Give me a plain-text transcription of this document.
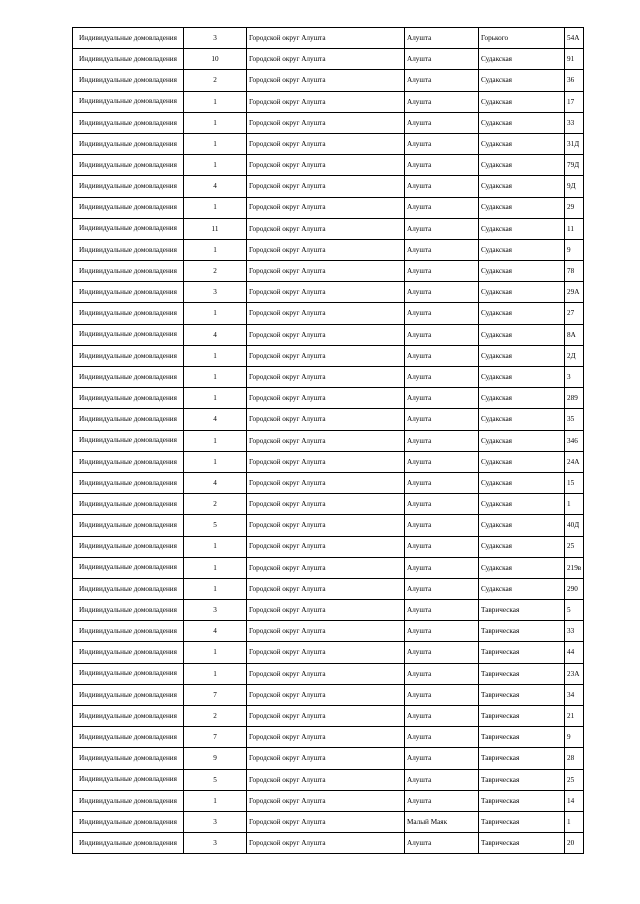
Индивидуальные домовладения	3	Городской округ Алушта	Алушта	Горького	54А
Индивидуальные домовладения	10	Городской округ Алушта	Алушта	Судакская	91
Индивидуальные домовладения	2	Городской округ Алушта	Алушта	Судакская	36
Индивидуальные домовладения	1	Городской округ Алушта	Алушта	Судакская	17
Индивидуальные домовладения	1	Городской округ Алушта	Алушта	Судакская	33
Индивидуальные домовладения	1	Городской округ Алушта	Алушта	Судакская	31Д
Индивидуальные домовладения	1	Городской округ Алушта	Алушта	Судакская	79Д
Индивидуальные домовладения	4	Городской округ Алушта	Алушта	Судакская	9Д
Индивидуальные домовладения	1	Городской округ Алушта	Алушта	Судакская	29
Индивидуальные домовладения	11	Городской округ Алушта	Алушта	Судакская	11
Индивидуальные домовладения	1	Городской округ Алушта	Алушта	Судакская	9
Индивидуальные домовладения	2	Городской округ Алушта	Алушта	Судакская	78
Индивидуальные домовладения	3	Городской округ Алушта	Алушта	Судакская	29А
Индивидуальные домовладения	1	Городской округ Алушта	Алушта	Судакская	27
Индивидуальные домовладения	4	Городской округ Алушта	Алушта	Судакская	8А
Индивидуальные домовладения	1	Городской округ Алушта	Алушта	Судакская	2Д
Индивидуальные домовладения	1	Городской округ Алушта	Алушта	Судакская	3
Индивидуальные домовладения	1	Городской округ Алушта	Алушта	Судакская	289
Индивидуальные домовладения	4	Городской округ Алушта	Алушта	Судакская	35
Индивидуальные домовладения	1	Городской округ Алушта	Алушта	Судакская	346
Индивидуальные домовладения	1	Городской округ Алушта	Алушта	Судакская	24А
Индивидуальные домовладения	4	Городской округ Алушта	Алушта	Судакская	15
Индивидуальные домовладения	2	Городской округ Алушта	Алушта	Судакская	1
Индивидуальные домовладения	5	Городской округ Алушта	Алушта	Судакская	40Д
Индивидуальные домовладения	1	Городской округ Алушта	Алушта	Судакская	25
Индивидуальные домовладения	1	Городской округ Алушта	Алушта	Судакская	219в
Индивидуальные домовладения	1	Городской округ Алушта	Алушта	Судакская	290
Индивидуальные домовладения	3	Городской округ Алушта	Алушта	Таврическая	5
Индивидуальные домовладения	4	Городской округ Алушта	Алушта	Таврическая	33
Индивидуальные домовладения	1	Городской округ Алушта	Алушта	Таврическая	44
Индивидуальные домовладения	1	Городской округ Алушта	Алушта	Таврическая	23А
Индивидуальные домовладения	7	Городской округ Алушта	Алушта	Таврическая	34
Индивидуальные домовладения	2	Городской округ Алушта	Алушта	Таврическая	21
Индивидуальные домовладения	7	Городской округ Алушта	Алушта	Таврическая	9
Индивидуальные домовладения	9	Городской округ Алушта	Алушта	Таврическая	28
Индивидуальные домовладения	5	Городской округ Алушта	Алушта	Таврическая	25
Индивидуальные домовладения	1	Городской округ Алушта	Алушта	Таврическая	14
Индивидуальные домовладения	3	Городской округ Алушта	Малый Маяк	Таврическая	1
Индивидуальные домовладения	3	Городской округ Алушта	Алушта	Таврическая	20
